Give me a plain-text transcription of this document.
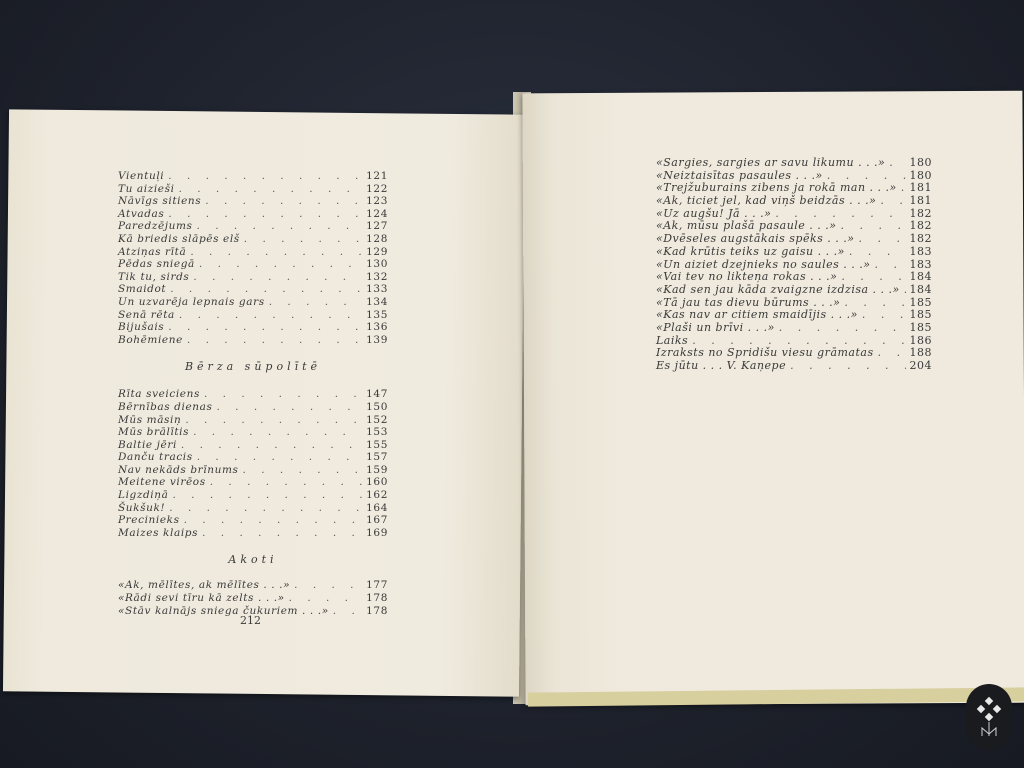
Vientuļi . . .	121
Tu aizieši . . .	122
Nāvīgs sitiens . . .	123
Atvadas . . .	124
Paredzējums . . .	127
Kā briedis slāpēs elš . . .	128
Atziņas rītā . . .	129
Pēdas sniegā . . .	130
Tik tu, sirds . . .	132
Smaidot . . .	133
Un uzvarēja lepnais gars . . .	134
Senā rēta . . .	135
Bijušais . . .	136
Bohēmiene . . .	139
Bērza sūpolītē
Rīta sveiciens . . .	147
Bērnības dienas . . .	150
Mūs māsiņ . . .	152
Mūs brālītis . . .	153
Baltie jēri . . .	155
Danču tracis . . .	157
Nav nekāds brīnums . . .	159
Meitene virēos . . .	160
Ligzdiņā . . .	162
Šukšuk! . . .	164
Precinieks . . .	167
Maizes klaips . . .	169
Akoti
«Ak, mēlītes, ak mēlītes . . .» . . .	177
«Rādi sevi tīru kā zelts . . .» . . .	178
«Stāv kalnājs sniega čukuriem . . .» . . .	178
212
«Sargies, sargies ar savu likumu . . .» . . . 180
«Neiztaisītas pasaules . . .» . . .	180
«Trejžuburains zibens ja rokā man . . .» . . . 181
«Ak, ticiet jel, kad viņš beidzās . . .» . . .	181
«Uz augšu! Jā . . .» . . .	182
«Ak, mūsu plašā pasaule . . .» . . .	182
«Dvēseles augstākais spēks . . .» . . .	182
«Kad krūtis teiks uz gaisu . . .» . . .	183
«Un aiziet dzejnieks no saules . . .» . . .	183
«Vai tev no likteņa rokas . . .» . . .	184
«Kad sen jau kāda zvaigzne izdzisa . . .» . . . 184
«Tā jau tas dievu būrums . . .» . . .	185
«Kas nav ar citiem smaidījis . . .» . . .	185
«Plaši un brīvi . . .» . . .	185
Laiks . . .	186
Izraksts no Spridišu viesu grāmatas . . .	188
Es jūtu . . . V. Kaņepe . . .	204
